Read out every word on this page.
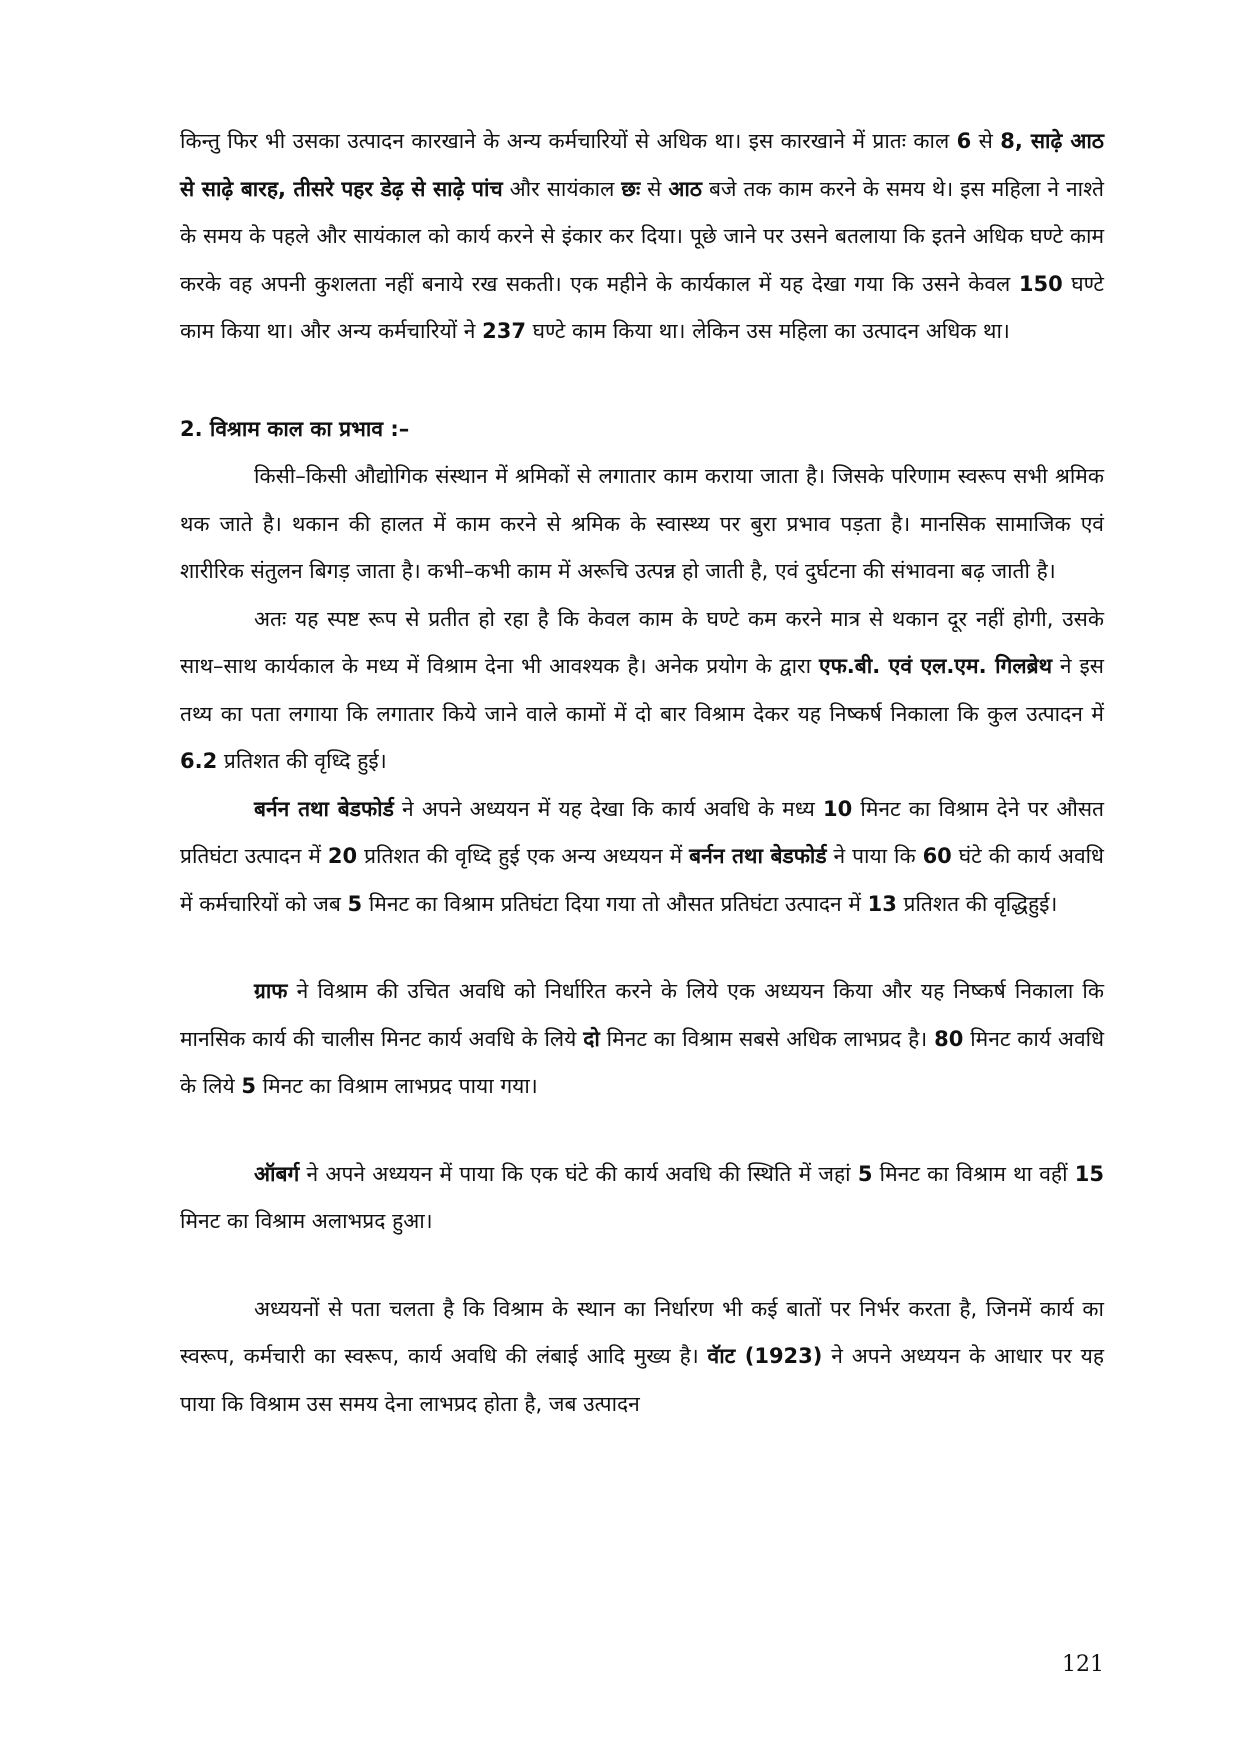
किन्तु फिर भी उसका उत्पादन कारखाने के अन्य कर्मचारियों से अधिक था। इस कारखाने में प्रातः काल 6 से 8, साढ़े आठ से साढ़े बारह, तीसरे पहर डेढ़ से साढ़े पांच और सायंकाल छः से आठ बजे तक काम करने के समय थे। इस महिला ने नाश्ते के समय के पहले और सायंकाल को कार्य करने से इंकार कर दिया। पूछे जाने पर उसने बतलाया कि इतने अधिक घण्टे काम करके वह अपनी कुशलता नहीं बनाये रख सकती। एक महीने के कार्यकाल में यह देखा गया कि उसने केवल 150 घण्टे काम किया था। और अन्य कर्मचारियों ने 237 घण्टे काम किया था। लेकिन उस महिला का उत्पादन अधिक था।

2. विश्राम काल का प्रभाव :–

किसी–किसी औद्योगिक संस्थान में श्रमिकों से लगातार काम कराया जाता है। जिसके परिणाम स्वरूप सभी श्रमिक थक जाते है। थकान की हालत में काम करने से श्रमिक के स्वास्थ्य पर बुरा प्रभाव पड़ता है। मानसिक सामाजिक एवं शारीरिक संतुलन बिगड़ जाता है। कभी–कभी काम में अरूचि उत्पन्न हो जाती है, एवं दुर्घटना की संभावना बढ़ जाती है।

अतः यह स्पष्ट रूप से प्रतीत हो रहा है कि केवल काम के घण्टे कम करने मात्र से थकान दूर नहीं होगी, उसके साथ–साथ कार्यकाल के मध्य में विश्राम देना भी आवश्यक है। अनेक प्रयोग के द्वारा एफ.बी. एवं एल.एम. गिलब्रेथ ने इस तथ्य का पता लगाया कि लगातार किये जाने वाले कामों में दो बार विश्राम देकर यह निष्कर्ष निकाला कि कुल उत्पादन में 6.2 प्रतिशत की वृध्दि हुई।

बर्नन तथा बेडफोर्ड ने अपने अध्ययन में यह देखा कि कार्य अवधि के मध्य 10 मिनट का विश्राम देने पर औसत प्रतिघंटा उत्पादन में 20 प्रतिशत की वृध्दि हुई एक अन्य अध्ययन में बर्नन तथा बेडफोर्ड ने पाया कि 60 घंटे की कार्य अवधि में कर्मचारियों को जब 5 मिनट का विश्राम प्रतिघंटा दिया गया तो औसत प्रतिघंटा उत्पादन में 13 प्रतिशत की वृद्धिहुई।

ग्राफ ने विश्राम की उचित अवधि को निर्धारित करने के लिये एक अध्ययन किया और यह निष्कर्ष निकाला कि मानसिक कार्य की चालीस मिनट कार्य अवधि के लिये दो मिनट का विश्राम सबसे अधिक लाभप्रद है। 80 मिनट कार्य अवधि के लिये 5 मिनट का विश्राम लाभप्रद पाया गया।

ऑबर्ग ने अपने अध्ययन में पाया कि एक घंटे की कार्य अवधि की स्थिति में जहां 5 मिनट का विश्राम था वहीं 15 मिनट का विश्राम अलाभप्रद हुआ।

अध्ययनों से पता चलता है कि विश्राम के स्थान का निर्धारण भी कई बातों पर निर्भर करता है, जिनमें कार्य का स्वरूप, कर्मचारी का स्वरूप, कार्य अवधि की लंबाई आदि मुख्य है। वॅाट (1923) ने अपने अध्ययन के आधार पर यह पाया कि विश्राम उस समय देना लाभप्रद होता है, जब उत्पादन

121
